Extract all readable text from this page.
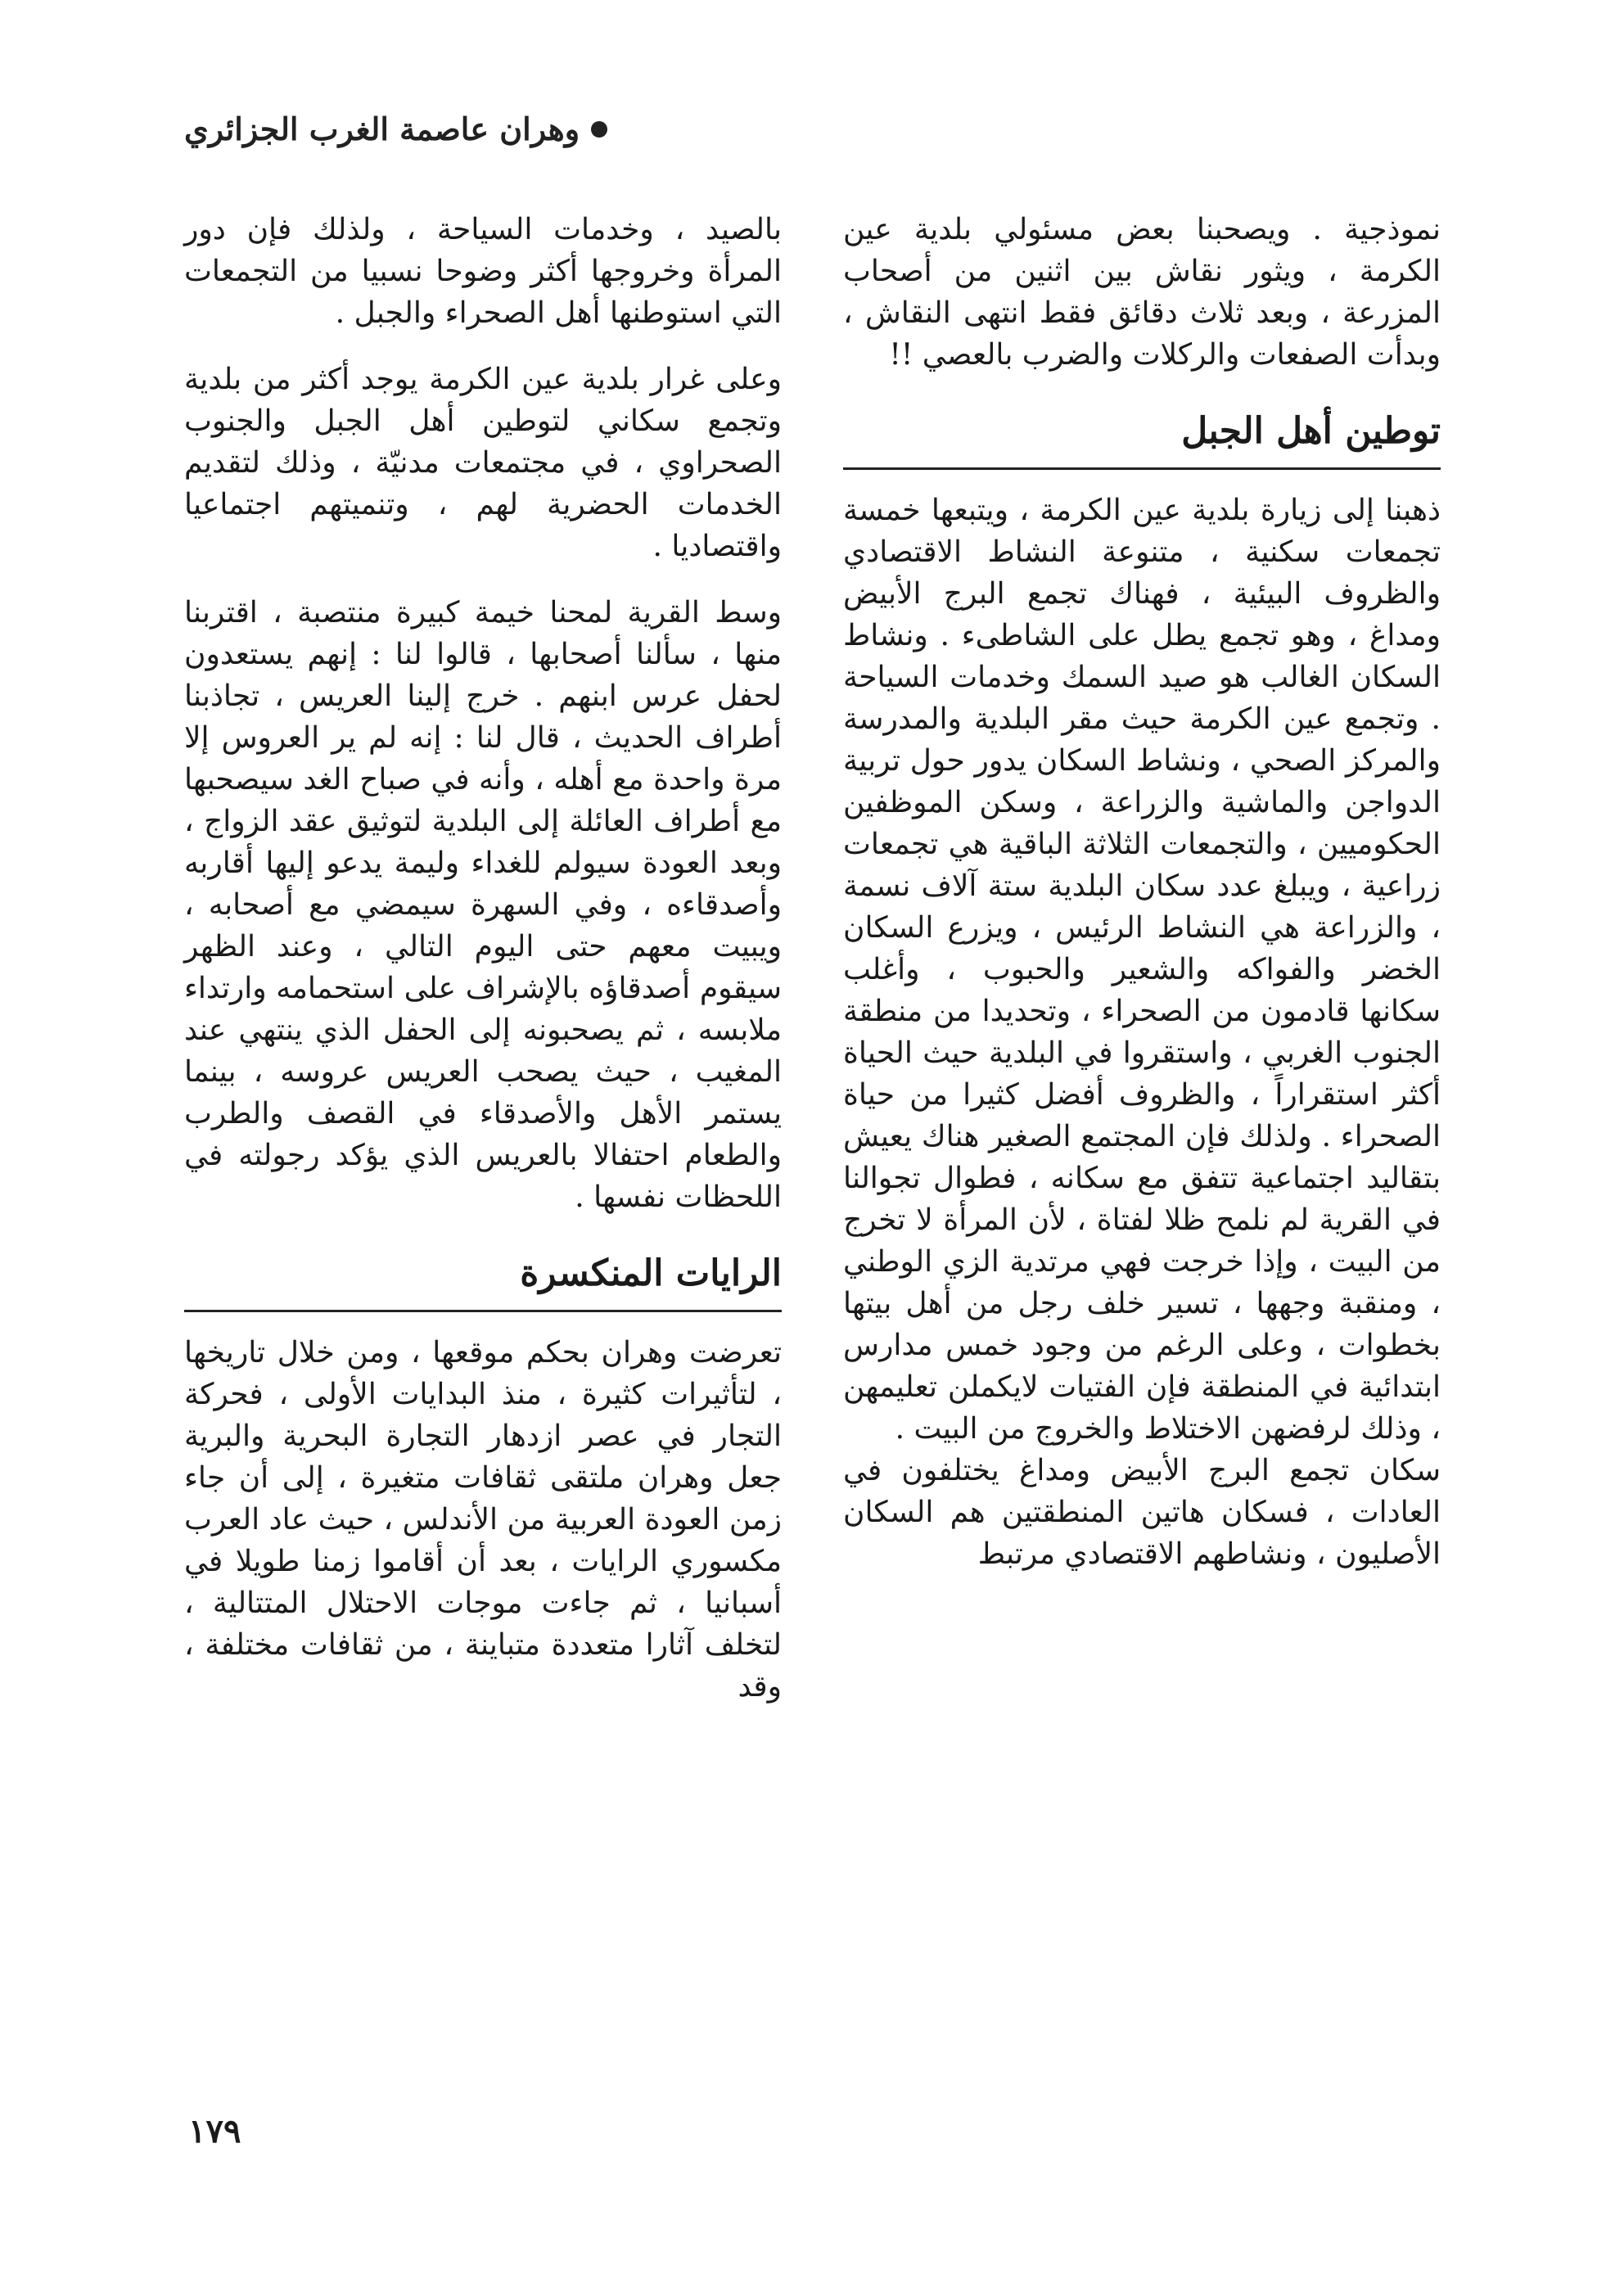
وهران عاصمة الغرب الجزائري

نموذجية . ويصحبنا بعض مسئولي بلدية عين الكرمة ، ويثور نقاش بين اثنين من أصحاب المزرعة ، وبعد ثلاث دقائق فقط انتهى النقاش ، وبدأت الصفعات والركلات والضرب بالعصي !!

توطين أهل الجبل

ذهبنا إلى زيارة بلدية عين الكرمة ، ويتبعها خمسة تجمعات سكنية ، متنوعة النشاط الاقتصادي والظروف البيئية ، فهناك تجمع البرج الأبيض ومداغ ، وهو تجمع يطل على الشاطىء . ونشاط السكان الغالب هو صيد السمك وخدمات السياحة . وتجمع عين الكرمة حيث مقر البلدية والمدرسة والمركز الصحي ، ونشاط السكان يدور حول تربية الدواجن والماشية والزراعة ، وسكن الموظفين الحكوميين ، والتجمعات الثلاثة الباقية هي تجمعات زراعية ، ويبلغ عدد سكان البلدية ستة آلاف نسمة ، والزراعة هي النشاط الرئيس ، ويزرع السكان الخضر والفواكه والشعير والحبوب ، وأغلب سكانها قادمون من الصحراء ، وتحديدا من منطقة الجنوب الغربي ، واستقروا في البلدية حيث الحياة أكثر استقراراً ، والظروف أفضل كثيرا من حياة الصحراء . ولذلك فإن المجتمع الصغير هناك يعيش بتقاليد اجتماعية تتفق مع سكانه ، فطوال تجوالنا في القرية لم نلمح ظلا لفتاة ، لأن المرأة لا تخرج من البيت ، وإذا خرجت فهي مرتدية الزي الوطني ، ومنقبة وجهها ، تسير خلف رجل من أهل بيتها بخطوات ، وعلى الرغم من وجود خمس مدارس ابتدائية في المنطقة فإن الفتيات لايكملن تعليمهن ، وذلك لرفضهن الاختلاط والخروج من البيت .

سكان تجمع البرج الأبيض ومداغ يختلفون في العادات ، فسكان هاتين المنطقتين هم السكان الأصليون ، ونشاطهم الاقتصادي مرتبط

بالصيد ، وخدمات السياحة ، ولذلك فإن دور المرأة وخروجها أكثر وضوحا نسبيا من التجمعات التي استوطنها أهل الصحراء والجبل .

وعلى غرار بلدية عين الكرمة يوجد أكثر من بلدية وتجمع سكاني لتوطين أهل الجبل والجنوب الصحراوي ، في مجتمعات مدنيّة ، وذلك لتقديم الخدمات الحضرية لهم ، وتنميتهم اجتماعيا واقتصاديا .

وسط القرية لمحنا خيمة كبيرة منتصبة ، اقتربنا منها ، سألنا أصحابها ، قالوا لنا : إنهم يستعدون لحفل عرس ابنهم . خرج إلينا العريس ، تجاذبنا أطراف الحديث ، قال لنا : إنه لم ير العروس إلا مرة واحدة مع أهله ، وأنه في صباح الغد سيصحبها مع أطراف العائلة إلى البلدية لتوثيق عقد الزواج ، وبعد العودة سيولم للغداء وليمة يدعو إليها أقاربه وأصدقاءه ، وفي السهرة سيمضي مع أصحابه ، ويبيت معهم حتى اليوم التالي ، وعند الظهر سيقوم أصدقاؤه بالإشراف على استحمامه وارتداء ملابسه ، ثم يصحبونه إلى الحفل الذي ينتهي عند المغيب ، حيث يصحب العريس عروسه ، بينما يستمر الأهل والأصدقاء في القصف والطرب والطعام احتفالا بالعريس الذي يؤكد رجولته في اللحظات نفسها .

الرايات المنكسرة

تعرضت وهران بحكم موقعها ، ومن خلال تاريخها ، لتأثيرات كثيرة ، منذ البدايات الأولى ، فحركة التجار في عصر ازدهار التجارة البحرية والبرية جعل وهران ملتقى ثقافات متغيرة ، إلى أن جاء زمن العودة العربية من الأندلس ، حيث عاد العرب مكسوري الرايات ، بعد أن أقاموا زمنا طويلا في أسبانيا ، ثم جاءت موجات الاحتلال المتتالية ، لتخلف آثارا متعددة متباينة ، من ثقافات مختلفة ، وقد

١٧٩
